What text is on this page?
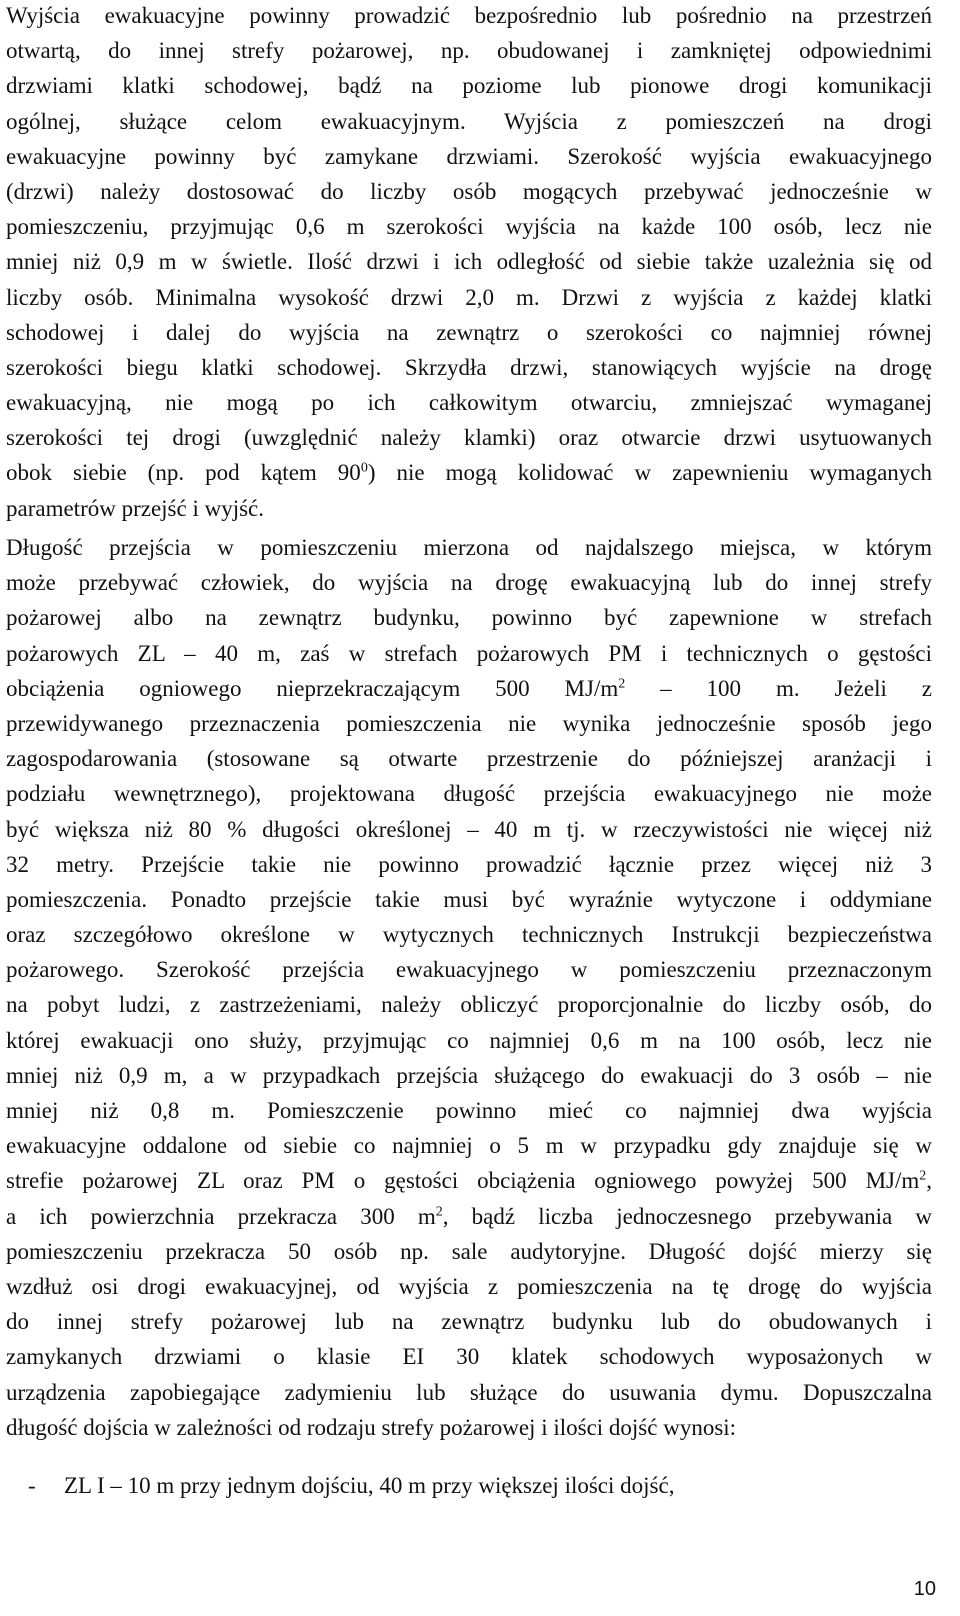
Wyjścia ewakuacyjne powinny prowadzić bezpośrednio lub pośrednio na przestrzeń
otwartą, do innej strefy pożarowej, np. obudowanej i zamkniętej odpowiednimi
drzwiami klatki schodowej, bądź na poziome lub pionowe drogi komunikacji
ogólnej, służące celom ewakuacyjnym. Wyjścia z pomieszczeń na drogi
ewakuacyjne powinny być zamykane drzwiami. Szerokość wyjścia ewakuacyjnego
(drzwi) należy dostosować do liczby osób mogących przebywać jednocześnie w
pomieszczeniu, przyjmując 0,6 m szerokości wyjścia na każde 100 osób, lecz nie
mniej niż 0,9 m w świetle. Ilość drzwi i ich odległość od siebie także uzależnia się od
liczby osób. Minimalna wysokość drzwi 2,0 m. Drzwi z wyjścia z każdej klatki
schodowej i dalej do wyjścia na zewnątrz o szerokości co najmniej równej
szerokości biegu klatki schodowej. Skrzydła drzwi, stanowiących wyjście na drogę
ewakuacyjną, nie mogą po ich całkowitym otwarciu, zmniejszać wymaganej
szerokości tej drogi (uwzględnić należy klamki) oraz otwarcie drzwi usytuowanych
obok siebie (np. pod kątem $90^0$) nie mogą kolidować w zapewnieniu wymaganych
parametrów przejść i wyjść.
Długość przejścia w pomieszczeniu mierzona od najdalszego miejsca, w którym
może przebywać człowiek, do wyjścia na drogę ewakuacyjną lub do innej strefy
pożarowej albo na zewnątrz budynku, powinno być zapewnione w strefach
pożarowych ZL – 40 m, zaś w strefach pożarowych PM i technicznych o gęstości
obciążenia ogniowego nieprzekraczającym 500 $MJ/m^2 - 100$ m. Jeżeli z
przewidywanego przeznaczenia pomieszczenia nie wynika jednocześnie sposób jego
zagospodarowania (stosowane są otwarte przestrzenie do późniejszej aranżacji i
podziału wewnętrznego), projektowana długość przejścia ewakuacyjnego nie może
być większa niż 80 % długości określonej – 40 m tj. w rzeczywistości nie więcej niż
32 metry. Przejście takie nie powinno prowadzić łącznie przez więcej niż 3
pomieszczenia. Ponadto przejście takie musi być wyraźnie wytyczone i oddymiane
oraz szczegółowo określone w wytycznych technicznych Instrukcji bezpieczeństwa
pożarowego. Szerokość przejścia ewakuacyjnego w pomieszczeniu przeznaczonym
na pobyt ludzi, z zastrzeżeniami, należy obliczyć proporcjonalnie do liczby osób, do
której ewakuacji ono służy, przyjmując co najmniej 0,6 m na 100 osób, lecz nie
mniej niż 0,9 m, a w przypadkach przejścia służącego do ewakuacji do 3 osób – nie
mniej niż 0,8 m. Pomieszczenie powinno mieć co najmniej dwa wyjścia
ewakuacyjne oddalone od siebie co najmniej o 5 m w przypadku gdy znajduje się w
strefie pożarowej ZL oraz PM o gęstości obciążenia ogniowego powyżej 500 $MJ/m^2$,
a ich powierzchnia przekracza 300 $m^2$, bądź liczba jednoczesnego przebywania w
pomieszczeniu przekracza 50 osób np. sale audytoryjne. Długość dojść mierzy się
wzdłuż osi drogi ewakuacyjnej, od wyjścia z pomieszczenia na tę drogę do wyjścia
do innej strefy pożarowej lub na zewnątrz budynku lub do obudowanych i
zamykanych drzwiami o klasie EI 30 klatek schodowych wyposażonych w
urządzenia zapobiegające zadymieniu lub służące do usuwania dymu. Dopuszczalna
długość dojścia w zależności od rodzaju strefy pożarowej i ilości dojść wynosi:
- ZL I – 10 m przy jednym dojściu, 40 m przy większej ilości dojść,
10
